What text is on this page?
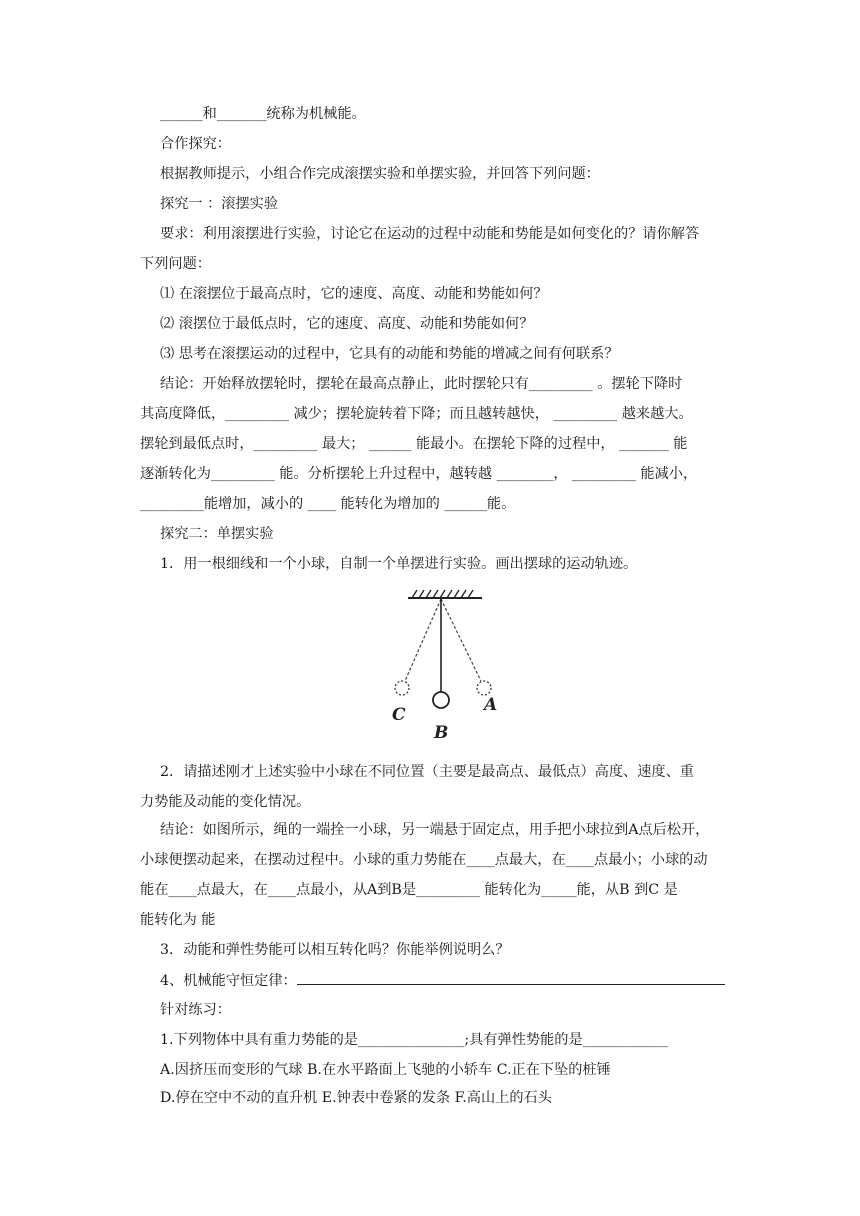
______和_______统称为机械能。
合作探究：
根据教师提示，小组合作完成滚摆实验和单摆实验，并回答下列问题：
探究一 ：滚摆实验
要求：利用滚摆进行实验，讨论它在运动的过程中动能和势能是如何变化的？请你解答
下列问题：
⑴ 在滚摆位于最高点时，它的速度、高度、动能和势能如何？
⑵ 滚摆位于最低点时，它的速度、高度、动能和势能如何？
⑶ 思考在滚摆运动的过程中，它具有的动能和势能的增减之间有何联系？
结论：开始释放摆轮时，摆轮在最高点静止，此时摆轮只有_________ 。摆轮下降时
其高度降低，_________ 减少；摆轮旋转着下降；而且越转越快， _________ 越来越大。
摆轮到最低点时，_________ 最大； ______ 能最小。在摆轮下降的过程中， _______ 能
逐渐转化为_________ 能。分析摆轮上升过程中，越转越 ________， _________ 能减小，
_________能增加，减小的 ____ 能转化为增加的 ______能。
探究二：单摆实验
1．用一根细线和一个小球，自制一个单摆进行实验。画出摆球的运动轨迹。
C
B
A
2．请描述刚才上述实验中小球在不同位置（主要是最高点、最低点）高度、速度、重
力势能及动能的变化情况。
结论：如图所示，绳的一端拴一小球，另一端悬于固定点，用手把小球拉到A点后松开，
小球便摆动起来，在摆动过程中。小球的重力势能在____点最大，在____点最小；小球的动
能在____点最大，在____点最小，从A到B是_________ 能转化为_____能，从B 到C 是
能转化为 能
3．动能和弹性势能可以相互转化吗？你能举例说明么？
4、机械能守恒定律：
针对练习：
1.下列物体中具有重力势能的是_______________;具有弹性势能的是____________
A.因挤压而变形的气球 B.在水平路面上飞驰的小轿车 C.正在下坠的桩锤
D.停在空中不动的直升机 E.钟表中卷紧的发条 F.高山上的石头
